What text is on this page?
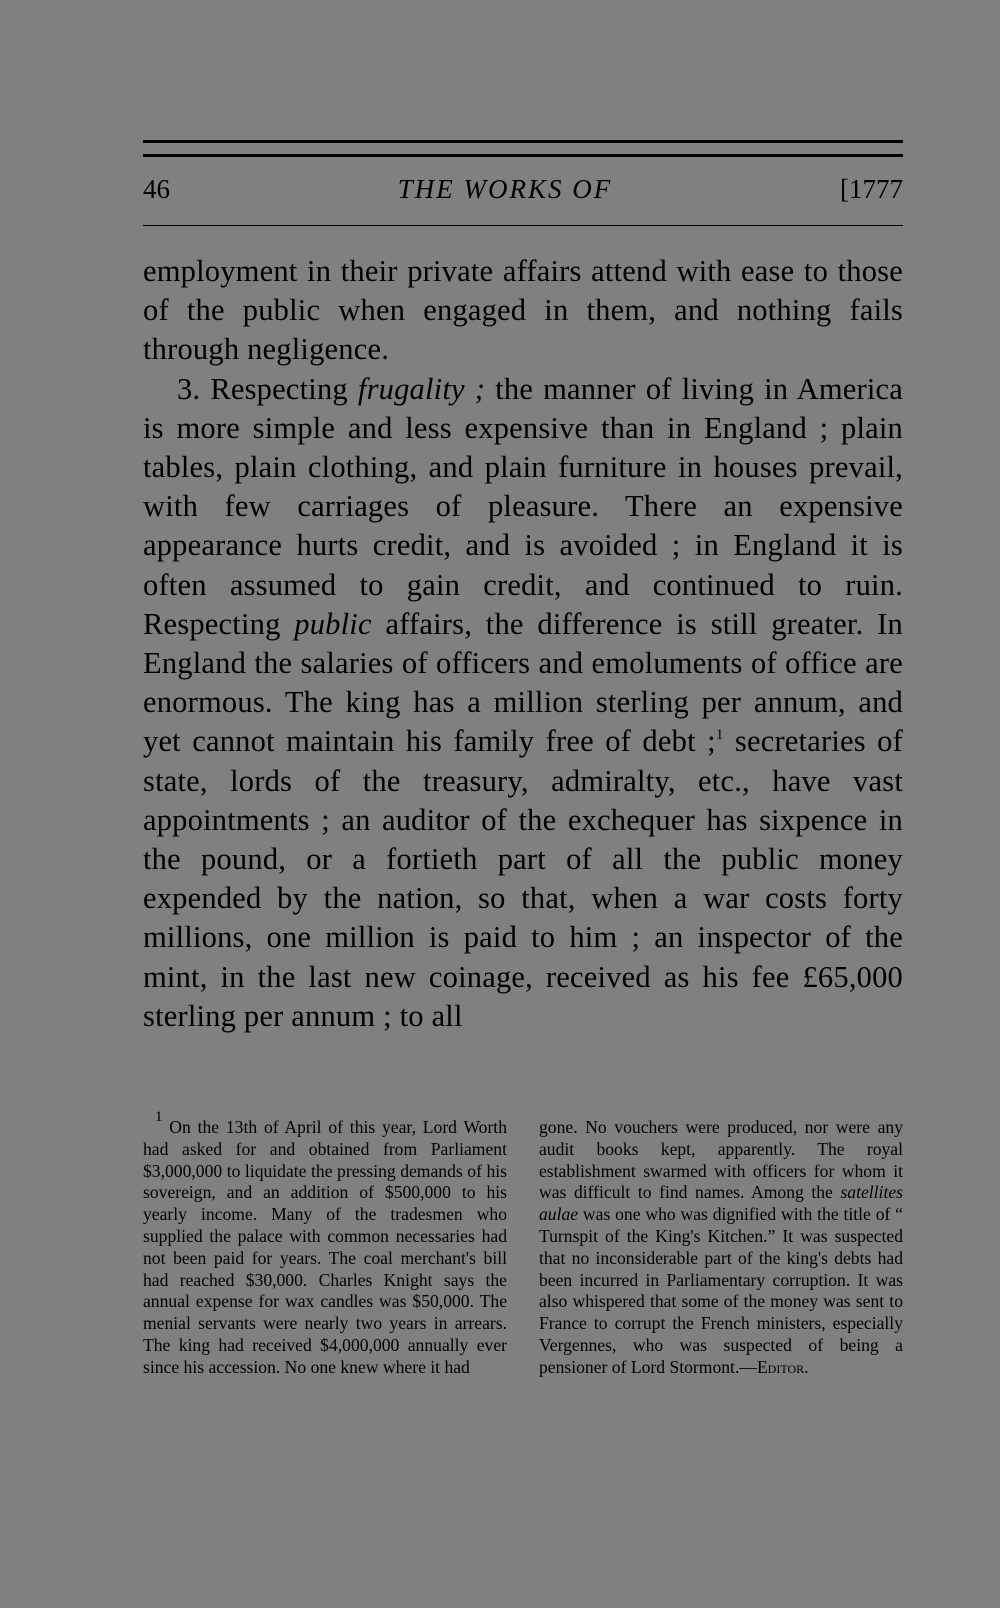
46	THE WORKS OF	[1777

employment in their private affairs attend with ease to those of the public when engaged in them, and nothing fails through negligence.

3. Respecting frugality ; the manner of living in America is more simple and less expensive than in England ; plain tables, plain clothing, and plain furniture in houses prevail, with few carriages of pleasure. There an expensive appearance hurts credit, and is avoided ; in England it is often assumed to gain credit, and continued to ruin. Respecting public affairs, the difference is still greater. In England the salaries of officers and emoluments of office are enormous. The king has a million sterling per annum, and yet cannot maintain his family free of debt ;$^1$ secretaries of state, lords of the treasury, admiralty, etc., have vast appointments ; an auditor of the exchequer has sixpence in the pound, or a fortieth part of all the public money expended by the nation, so that, when a war costs forty millions, one million is paid to him ; an inspector of the mint, in the last new coinage, received as his fee £65,000 sterling per annum ; to all

$^1$ On the 13th of April of this year, Lord Worth had asked for and obtained from Parliament $3,000,000 to liquidate the pressing demands of his sovereign, and an addition of $500,000 to his yearly income. Many of the tradesmen who supplied the palace with common necessaries had not been paid for years. The coal merchant's bill had reached $30,000. Charles Knight says the annual expense for wax candles was $50,000. The menial servants were nearly two years in arrears. The king had received $4,000,000 annually ever since his accession. No one knew where it had

gone. No vouchers were produced, nor were any audit books kept, apparently. The royal establishment swarmed with officers for whom it was difficult to find names. Among the satellites aulae was one who was dignified with the title of “ Turnspit of the King's Kitchen.” It was suspected that no inconsiderable part of the king's debts had been incurred in Parliamentary corruption. It was also whispered that some of the money was sent to France to corrupt the French ministers, especially Vergennes, who was suspected of being a pensioner of Lord Stormont.—Editor.
